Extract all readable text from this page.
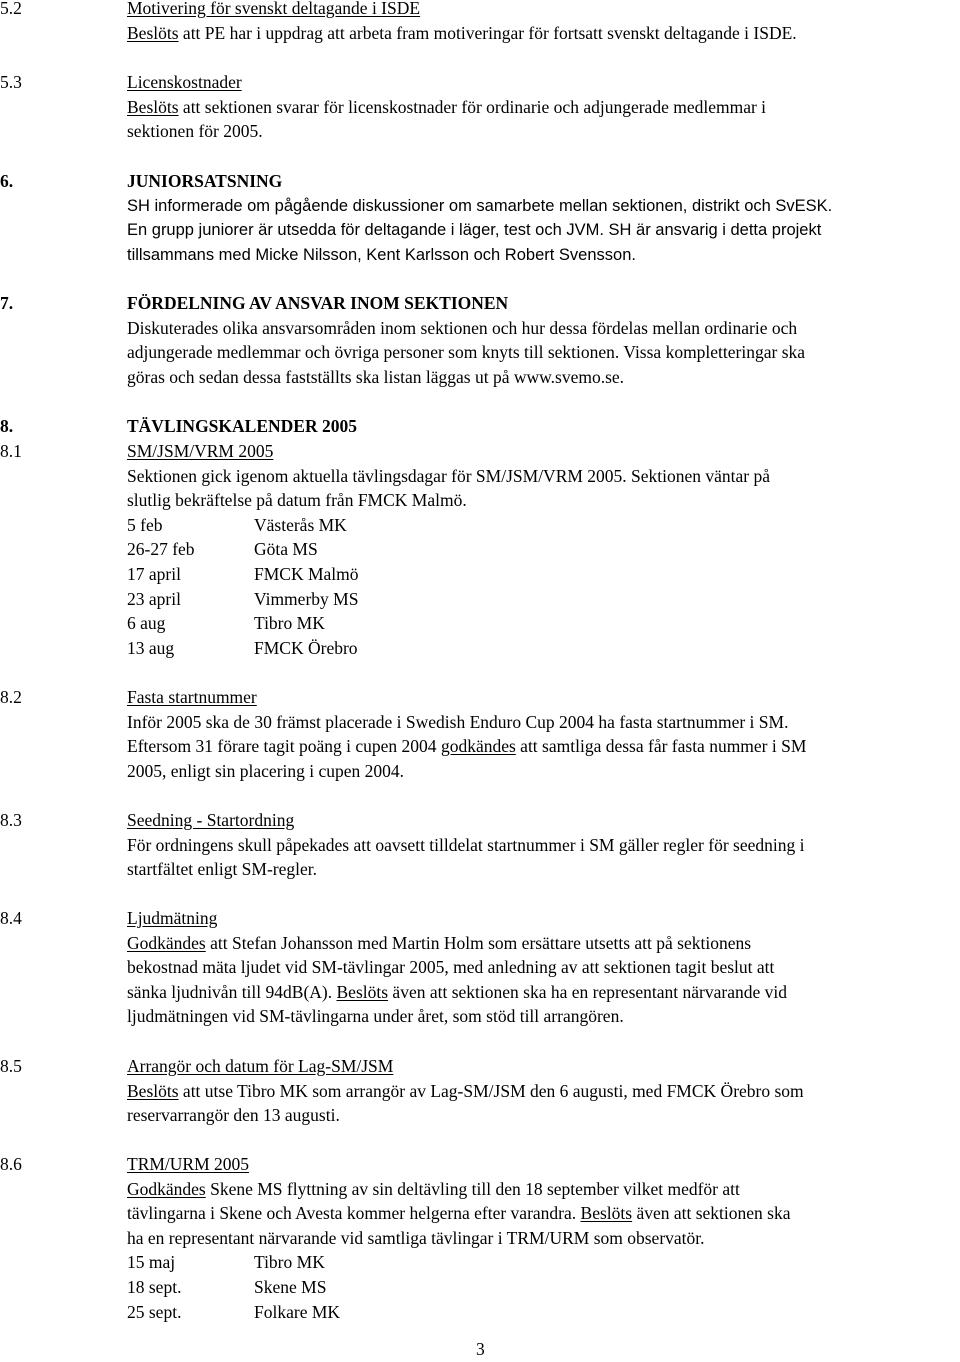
5.2	Motivering för svenskt deltagande i ISDE
Beslöts att PE har i uppdrag att arbeta fram motiveringar för fortsatt svenskt deltagande i ISDE.
5.3	Licenskostnader
Beslöts att sektionen svarar för licenskostnader för ordinarie och adjungerade medlemmar i
sektionen för 2005.
6.	JUNIORSATSNING
SH informerade om pågående diskussioner om samarbete mellan sektionen, distrikt och SvESK.
En grupp juniorer är utsedda för deltagande i läger, test och JVM. SH är ansvarig i detta projekt
tillsammans med Micke Nilsson, Kent Karlsson och Robert Svensson.
7.	FÖRDELNING AV ANSVAR INOM SEKTIONEN
Diskuterades olika ansvarsområden inom sektionen och hur dessa fördelas mellan ordinarie och
adjungerade medlemmar och övriga personer som knyts till sektionen. Vissa kompletteringar ska
göras och sedan dessa fastställts ska listan läggas ut på www.svemo.se.
8.	TÄVLINGSKALENDER 2005
8.1	SM/JSM/VRM 2005
Sektionen gick igenom aktuella tävlingsdagar för SM/JSM/VRM 2005. Sektionen väntar på
slutlig bekräftelse på datum från FMCK Malmö.
5 feb	Västerås MK
26-27 feb	Göta MS
17 april	FMCK Malmö
23 april	Vimmerby MS
6 aug	Tibro MK
13 aug	FMCK Örebro
8.2	Fasta startnummer
Inför 2005 ska de 30 främst placerade i Swedish Enduro Cup 2004 ha fasta startnummer i SM.
Eftersom 31 förare tagit poäng i cupen 2004 godkändes att samtliga dessa får fasta nummer i SM
2005, enligt sin placering i cupen 2004.
8.3	Seedning - Startordning
För ordningens skull påpekades att oavsett tilldelat startnummer i SM gäller regler för seedning i
startfältet enligt SM-regler.
8.4	Ljudmätning
Godkändes att Stefan Johansson med Martin Holm som ersättare utsetts att på sektionens
bekostnad mäta ljudet vid SM-tävlingar 2005, med anledning av att sektionen tagit beslut att
sänka ljudnivån till 94dB(A). Beslöts även att sektionen ska ha en representant närvarande vid
ljudmätningen vid SM-tävlingarna under året, som stöd till arrangören.
8.5	Arrangör och datum för Lag-SM/JSM
Beslöts att utse Tibro MK som arrangör av Lag-SM/JSM den 6 augusti, med FMCK Örebro som
reservarrangör den 13 augusti.
8.6	TRM/URM 2005
Godkändes Skene MS flyttning av sin deltävling till den 18 september vilket medför att
tävlingarna i Skene och Avesta kommer helgerna efter varandra. Beslöts även att sektionen ska
ha en representant närvarande vid samtliga tävlingar i TRM/URM som observatör.
15 maj	Tibro MK
18 sept.	Skene MS
25 sept.	Folkare MK
3
